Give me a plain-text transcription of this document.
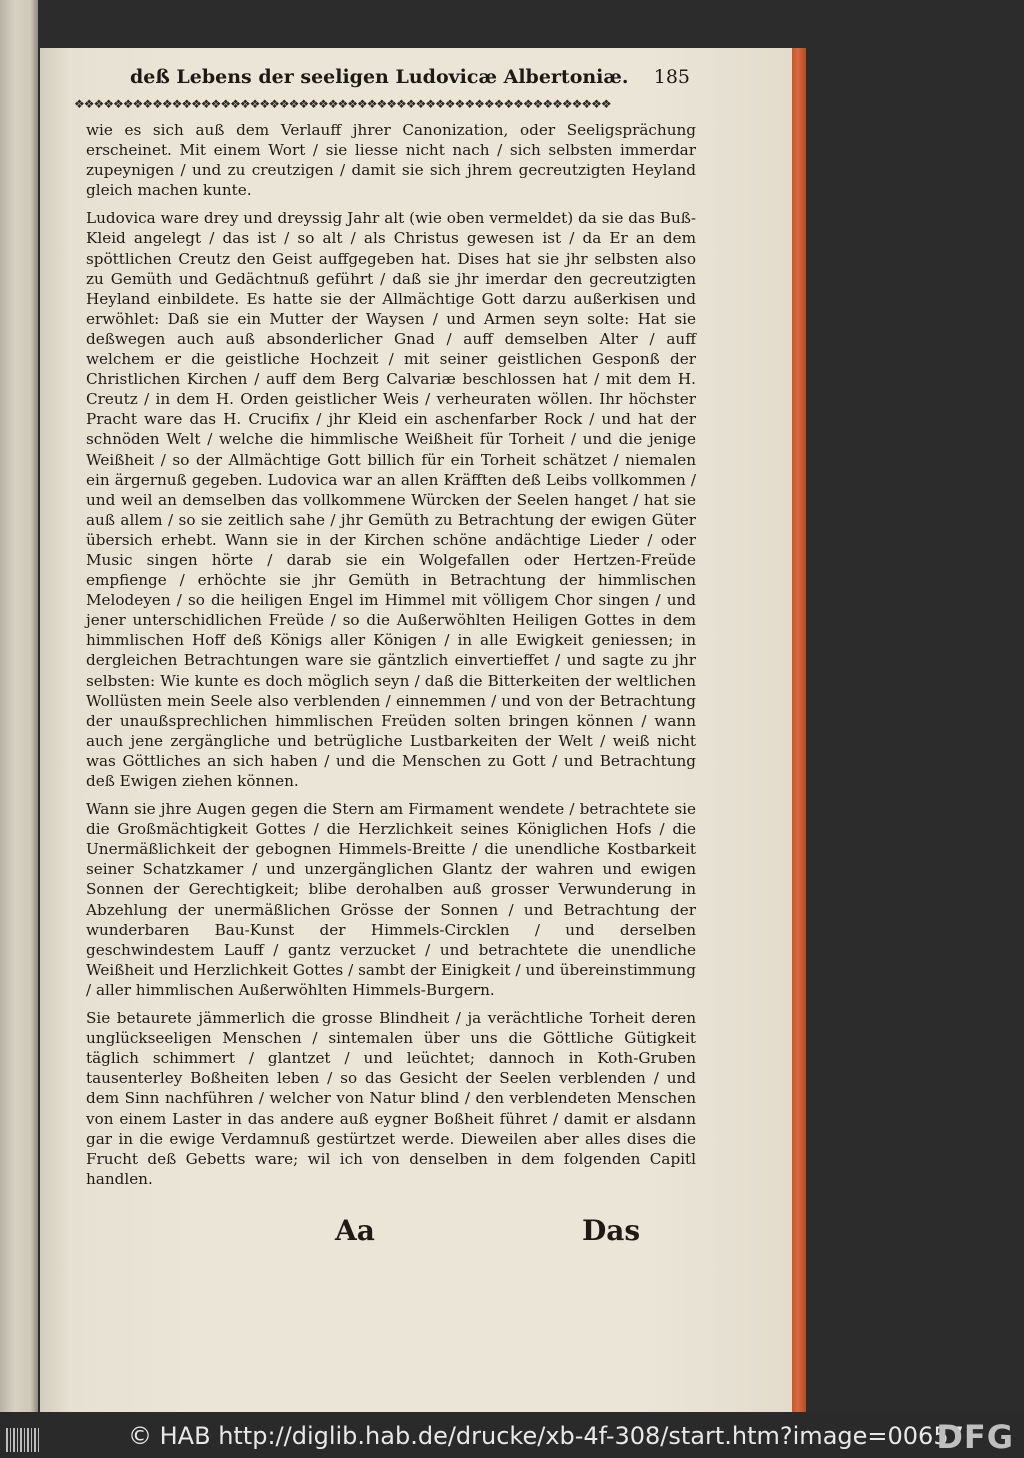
deß Lebens der seeligen Ludovicæ Albertoniæ. 185
❖❖❖❖❖❖❖❖❖❖❖❖❖❖❖❖❖❖❖❖❖❖❖❖❖❖❖❖❖❖❖❖❖❖❖❖❖❖❖❖❖❖❖❖❖❖❖❖❖❖❖❖❖❖❖

wie es sich auß dem Verlauff jhrer Canonization, oder Seeligsprächung erscheinet. Mit einem Wort / sie liesse nicht nach / sich selbsten immerdar zupeynigen / und zu creutzigen / damit sie sich jhrem gecreutzigten Heyland gleich machen kunte.

Ludovica ware drey und dreyssig Jahr alt (wie oben vermeldet) da sie das Buß-Kleid angelegt / das ist / so alt / als Christus gewesen ist / da Er an dem spöttlichen Creutz den Geist auffgegeben hat. Dises hat sie jhr selbsten also zu Gemüth und Gedächtnuß geführt / daß sie jhr imerdar den gecreutzigten Heyland einbildete. Es hatte sie der Allmächtige Gott darzu außerkisen und erwöhlet: Daß sie ein Mutter der Waysen / und Armen seyn solte: Hat sie deßwegen auch auß absonderlicher Gnad / auff demselben Alter / auff welchem er die geistliche Hochzeit / mit seiner geistlichen Gesponß der Christlichen Kirchen / auff dem Berg Calvariæ beschlossen hat / mit dem H. Creutz / in dem H. Orden geistlicher Weis / verheuraten wöllen. Ihr höchster Pracht ware das H. Crucifix / jhr Kleid ein aschenfarber Rock / und hat der schnöden Welt / welche die himmlische Weißheit für Torheit / und die jenige Weißheit / so der Allmächtige Gott billich für ein Torheit schätzet / niemalen ein ärgernuß gegeben. Ludovica war an allen Kräfften deß Leibs vollkommen / und weil an demselben das vollkommene Würcken der Seelen hanget / hat sie auß allem / so sie zeitlich sahe / jhr Gemüth zu Betrachtung der ewigen Güter übersich erhebt. Wann sie in der Kirchen schöne andächtige Lieder / oder Music singen hörte / darab sie ein Wolgefallen oder Hertzen-Freüde empfienge / erhöchte sie jhr Gemüth in Betrachtung der himmlischen Melodeyen / so die heiligen Engel im Himmel mit völligem Chor singen / und jener unterschidlichen Freüde / so die Außerwöhlten Heiligen Gottes in dem himmlischen Hoff deß Königs aller Königen / in alle Ewigkeit geniessen; in dergleichen Betrachtungen ware sie gäntzlich einvertieffet / und sagte zu jhr selbsten: Wie kunte es doch möglich seyn / daß die Bitterkeiten der weltlichen Wollüsten mein Seele also verblenden / einnemmen / und von der Betrachtung der unaußsprechlichen himmlischen Freüden solten bringen können / wann auch jene zergängliche und betrügliche Lustbarkeiten der Welt / weiß nicht was Göttliches an sich haben / und die Menschen zu Gott / und Betrachtung deß Ewigen ziehen können.

Wann sie jhre Augen gegen die Stern am Firmament wendete / betrachtete sie die Großmächtigkeit Gottes / die Herzlichkeit seines Königlichen Hofs / die Unermäßlichkeit der gebognen Himmels-Breitte / die unendliche Kostbarkeit seiner Schatzkamer / und unzergänglichen Glantz der wahren und ewigen Sonnen der Gerechtigkeit; blibe derohalben auß grosser Verwunderung in Abzehlung der unermäßlichen Grösse der Sonnen / und Betrachtung der wunderbaren Bau-Kunst der Himmels-Circklen / und derselben geschwindestem Lauff / gantz verzucket / und betrachtete die unendliche Weißheit und Herzlichkeit Gottes / sambt der Einigkeit / und übereinstimmung / aller himmlischen Außerwöhlten Himmels-Burgern.

Sie betaurete jämmerlich die grosse Blindheit / ja verächtliche Torheit deren unglückseeligen Menschen / sintemalen über uns die Göttliche Gütigkeit täglich schimmert / glantzet / und leüchtet; dannoch in Koth-Gruben tausenterley Boßheiten leben / so das Gesicht der Seelen verblenden / und dem Sinn nachführen / welcher von Natur blind / den verblendeten Menschen von einem Laster in das andere auß eygner Boßheit führet / damit er alsdann gar in die ewige Verdamnuß gestürtzet werde. Dieweilen aber alles dises die Frucht deß Gebetts ware; wil ich von denselben in dem folgenden Capitl handlen.

Aa	Das
© HAB http://diglib.hab.de/drucke/xb-4f-308/start.htm?image=00657
DFG
